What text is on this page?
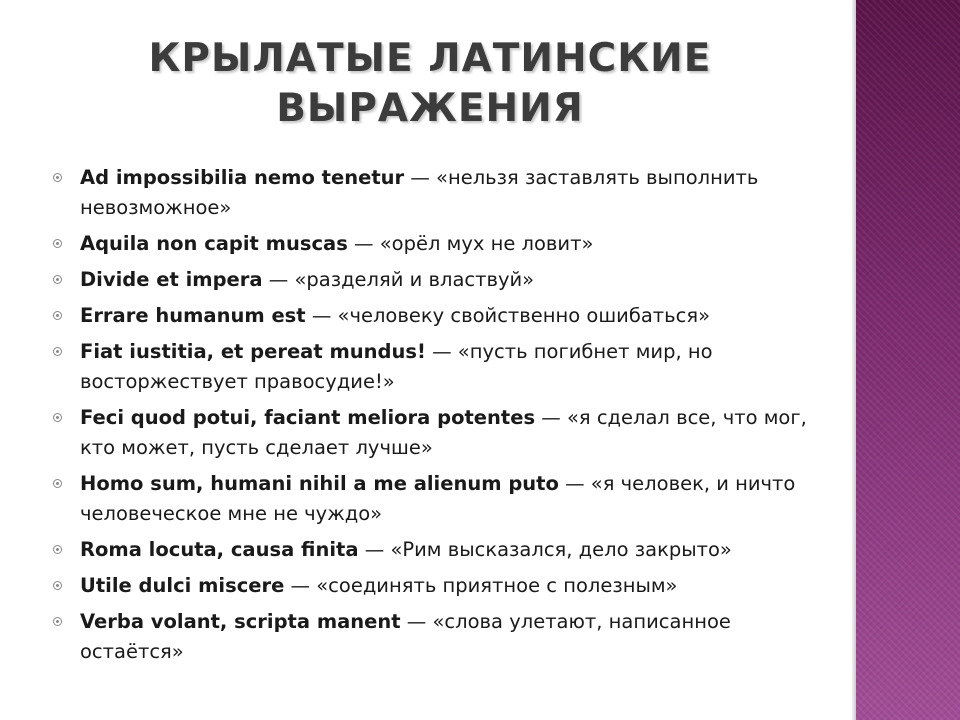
КРЫЛАТЫЕ ЛАТИНСКИЕ
ВЫРАЖЕНИЯ
Ad impossibilia nemo tenetur — «нельзя заставлять выполнить невозможное»
Aquila non capit muscas — «орёл мух не ловит»
Divide et impera — «разделяй и властвуй»
Errare humanum est — «человеку свойственно ошибаться»
Fiat iustitia, et pereat mundus! — «пусть погибнет мир, но восторжествует правосудие!»
Feci quod potui, faciant meliora potentes — «я сделал все, что мог, кто может, пусть сделает лучше»
Homo sum, humani nihil a me alienum puto — «я человек, и ничто человеческое мне не чуждо»
Roma locuta, causa finita — «Рим высказался, дело закрыто»
Utile dulci miscere — «соединять приятное с полезным»
Verba volant, scripta manent — «слова улетают, написанное остаётся»
